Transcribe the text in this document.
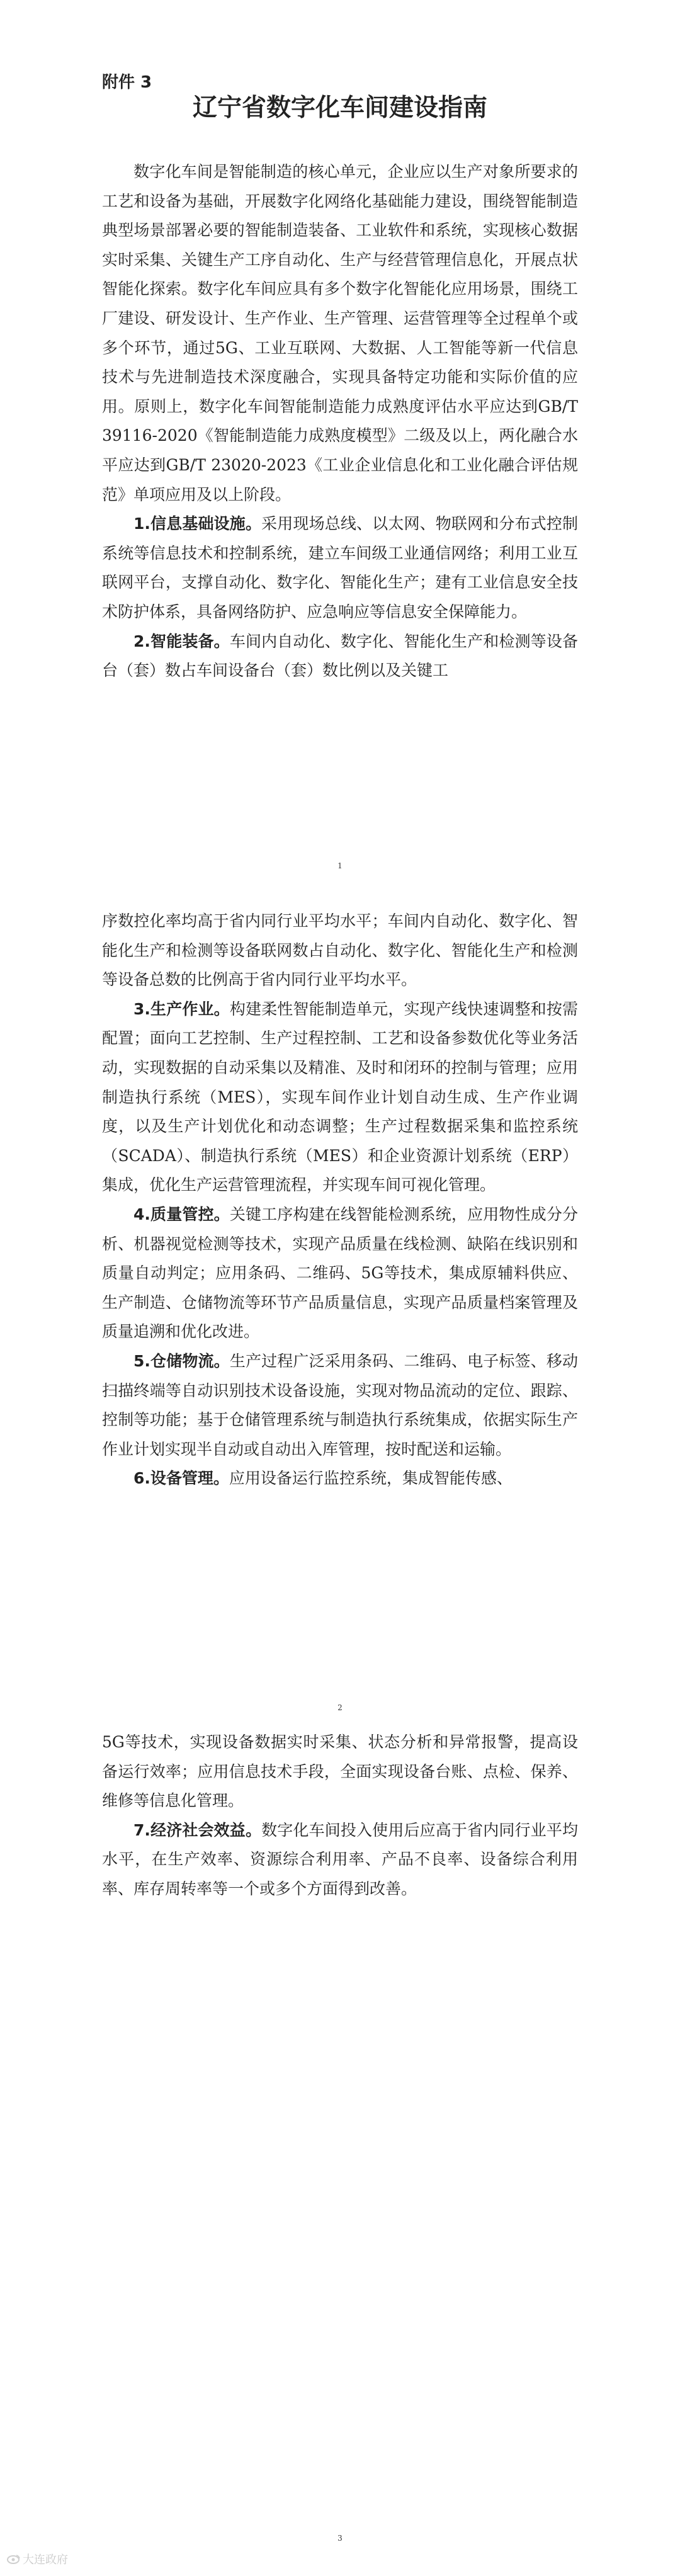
附件 3
辽宁省数字化车间建设指南

数字化车间是智能制造的核心单元，企业应以生产对象所要求的工艺和设备为基础，开展数字化网络化基础能力建设，围绕智能制造典型场景部署必要的智能制造装备、工业软件和系统，实现核心数据实时采集、关键生产工序自动化、生产与经营管理信息化，开展点状智能化探索。数字化车间应具有多个数字化智能化应用场景，围绕工厂建设、研发设计、生产作业、生产管理、运营管理等全过程单个或多个环节，通过5G、工业互联网、大数据、人工智能等新一代信息技术与先进制造技术深度融合，实现具备特定功能和实际价值的应用。原则上，数字化车间智能制造能力成熟度评估水平应达到GB/T 39116-2020《智能制造能力成熟度模型》二级及以上，两化融合水平应达到GB/T 23020-2023《工业企业信息化和工业化融合评估规范》单项应用及以上阶段。

1.信息基础设施。采用现场总线、以太网、物联网和分布式控制系统等信息技术和控制系统，建立车间级工业通信网络；利用工业互联网平台，支撑自动化、数字化、智能化生产；建有工业信息安全技术防护体系，具备网络防护、应急响应等信息安全保障能力。

2.智能装备。车间内自动化、数字化、智能化生产和检测等设备台（套）数占车间设备台（套）数比例以及关键工

1

序数控化率均高于省内同行业平均水平；车间内自动化、数字化、智能化生产和检测等设备联网数占自动化、数字化、智能化生产和检测等设备总数的比例高于省内同行业平均水平。

3.生产作业。构建柔性智能制造单元，实现产线快速调整和按需配置；面向工艺控制、生产过程控制、工艺和设备参数优化等业务活动，实现数据的自动采集以及精准、及时和闭环的控制与管理；应用制造执行系统（MES），实现车间作业计划自动生成、生产作业调度，以及生产计划优化和动态调整；生产过程数据采集和监控系统（SCADA）、制造执行系统（MES）和企业资源计划系统（ERP）集成，优化生产运营管理流程，并实现车间可视化管理。

4.质量管控。关键工序构建在线智能检测系统，应用物性成分分析、机器视觉检测等技术，实现产品质量在线检测、缺陷在线识别和质量自动判定；应用条码、二维码、5G等技术，集成原辅料供应、生产制造、仓储物流等环节产品质量信息，实现产品质量档案管理及质量追溯和优化改进。

5.仓储物流。生产过程广泛采用条码、二维码、电子标签、移动扫描终端等自动识别技术设备设施，实现对物品流动的定位、跟踪、控制等功能；基于仓储管理系统与制造执行系统集成，依据实际生产作业计划实现半自动或自动出入库管理，按时配送和运输。

6.设备管理。应用设备运行监控系统，集成智能传感、

2

5G等技术，实现设备数据实时采集、状态分析和异常报警，提高设备运行效率；应用信息技术手段，全面实现设备台账、点检、保养、维修等信息化管理。

7.经济社会效益。数字化车间投入使用后应高于省内同行业平均水平，在生产效率、资源综合利用率、产品不良率、设备综合利用率、库存周转率等一个或多个方面得到改善。

3
大连政府
